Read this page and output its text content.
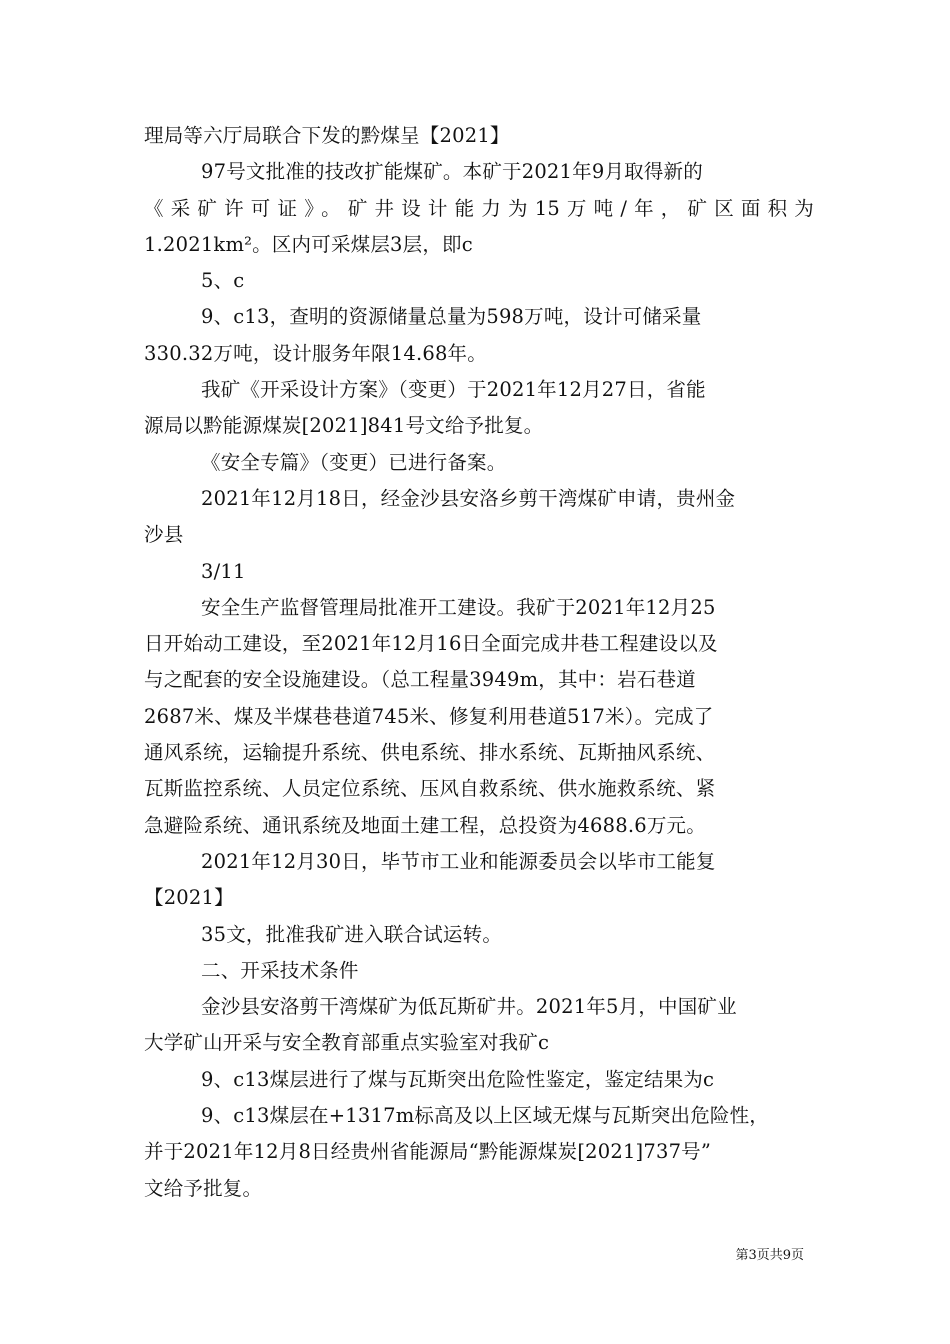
理局等六厅局联合下发的黔煤呈【2021】
97号文批准的技改扩能煤矿。本矿于2021年9月取得新的
《采矿许可证》。矿井设计能力为15万吨/年，矿区面积为
1.2021km²。区内可采煤层3层，即c
5、c
9、c13，查明的资源储量总量为598万吨，设计可储采量
330.32万吨，设计服务年限14.68年。
我矿《开采设计方案》（变更）于2021年12月27日，省能
源局以黔能源煤炭[2021]841号文给予批复。
《安全专篇》（变更）已进行备案。
2021年12月18日，经金沙县安洛乡剪干湾煤矿申请，贵州金
沙县
3/11
安全生产监督管理局批准开工建设。我矿于2021年12月25
日开始动工建设，至2021年12月16日全面完成井巷工程建设以及
与之配套的安全设施建设。（总工程量3949m，其中：岩石巷道
2687米、煤及半煤巷巷道745米、修复利用巷道517米）。完成了
通风系统，运输提升系统、供电系统、排水系统、瓦斯抽风系统、
瓦斯监控系统、人员定位系统、压风自救系统、供水施救系统、紧
急避险系统、通讯系统及地面土建工程，总投资为4688.6万元。
2021年12月30日，毕节市工业和能源委员会以毕市工能复
【2021】
35文，批准我矿进入联合试运转。
二、开采技术条件
金沙县安洛剪干湾煤矿为低瓦斯矿井。2021年5月，中国矿业
大学矿山开采与安全教育部重点实验室对我矿c
9、c13煤层进行了煤与瓦斯突出危险性鉴定，鉴定结果为c
9、c13煤层在+1317m标高及以上区域无煤与瓦斯突出危险性，
并于2021年12月8日经贵州省能源局“黔能源煤炭[2021]737号”
文给予批复。
第3页共9页
